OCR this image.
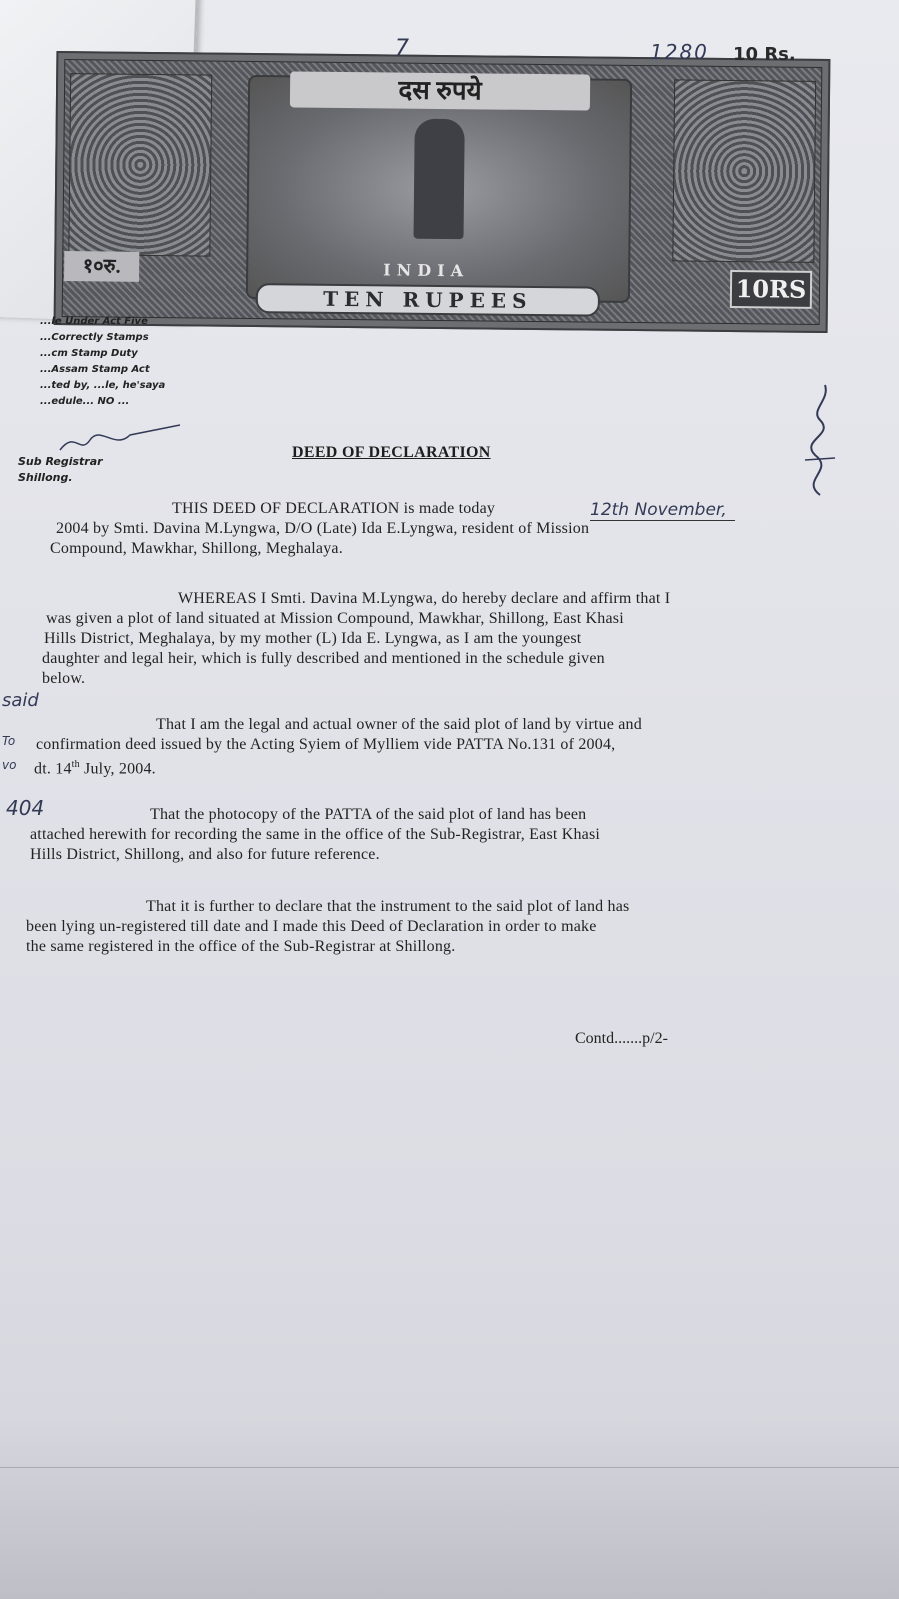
दस रुपये
१०रु.	INDIA
TEN RUPEES	10RS
7	1280 10 Rs.
...le Under Act Five
...Correctly Stamps
...cm Stamp Duty
...Assam Stamp Act
...ted by, ...le, he'saya
...edule... NO ...
Sub Registrar
Shillong.
DEED OF DECLARATION
THIS DEED OF DECLARATION is made today	12th November,
2004 by Smti. Davina M.Lyngwa, D/O (Late) Ida E.Lyngwa, resident of Mission
Compound, Mawkhar, Shillong, Meghalaya.
WHEREAS I Smti. Davina M.Lyngwa, do hereby declare and affirm that I
was given a plot of land situated at Mission Compound, Mawkhar, Shillong, East Khasi
Hills District, Meghalaya, by my mother (L) Ida E. Lyngwa, as I am the youngest
daughter and legal heir, which is fully described and mentioned in the schedule given
below.
said
To
vo
That I am the legal and actual owner of the said plot of land by virtue and
confirmation deed issued by the Acting Syiem of Mylliem vide PATTA No.131 of 2004,
dt. 14th July, 2004.
404	That the photocopy of the PATTA of the said plot of land has been
attached herewith for recording the same in the office of the Sub-Registrar, East Khasi
Hills District, Shillong, and also for future reference.
That it is further to declare that the instrument to the said plot of land has
been lying un-registered till date and I made this Deed of Declaration in order to make
the same registered in the office of the Sub-Registrar at Shillong.
Contd.......p/2-
